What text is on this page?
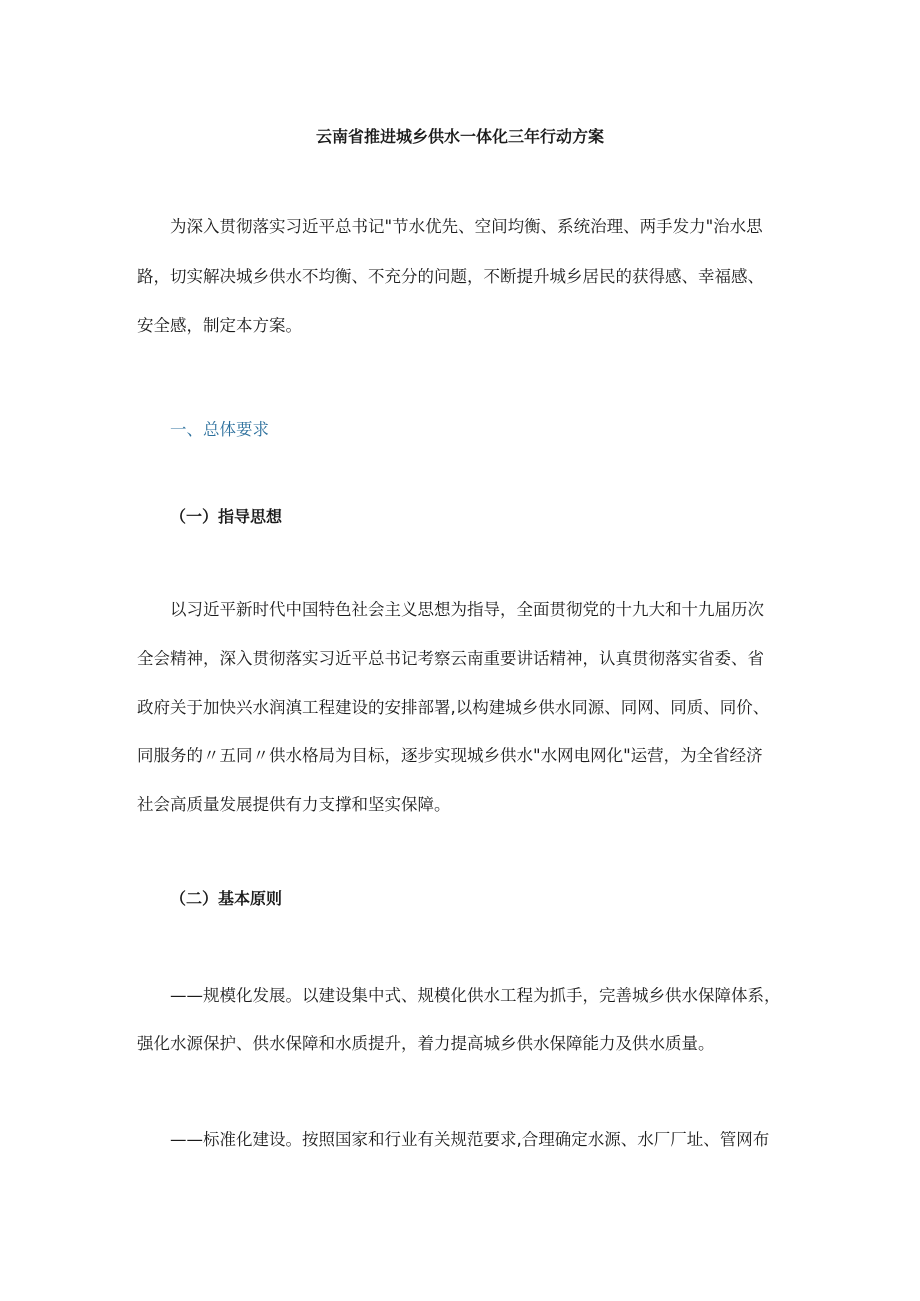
云南省推进城乡供水一体化三年行动方案
为深入贯彻落实习近平总书记"节水优先、空间均衡、系统治理、两手发力"治水思
路，切实解决城乡供水不均衡、不充分的问题，不断提升城乡居民的获得感、幸福感、
安全感，制定本方案。
一、总体要求
（一）指导思想
以习近平新时代中国特色社会主义思想为指导，全面贯彻党的十九大和十九届历次
全会精神，深入贯彻落实习近平总书记考察云南重要讲话精神，认真贯彻落实省委、省
政府关于加快兴水润滇工程建设的安排部署,以构建城乡供水同源、同网、同质、同价、
同服务的〃五同〃供水格局为目标，逐步实现城乡供水"水网电网化"运营，为全省经济
社会高质量发展提供有力支撑和坚实保障。
（二）基本原则
——规模化发展。以建设集中式、规模化供水工程为抓手，完善城乡供水保障体系，
强化水源保护、供水保障和水质提升，着力提高城乡供水保障能力及供水质量。
——标准化建设。按照国家和行业有关规范要求,合理确定水源、水厂厂址、管网布
